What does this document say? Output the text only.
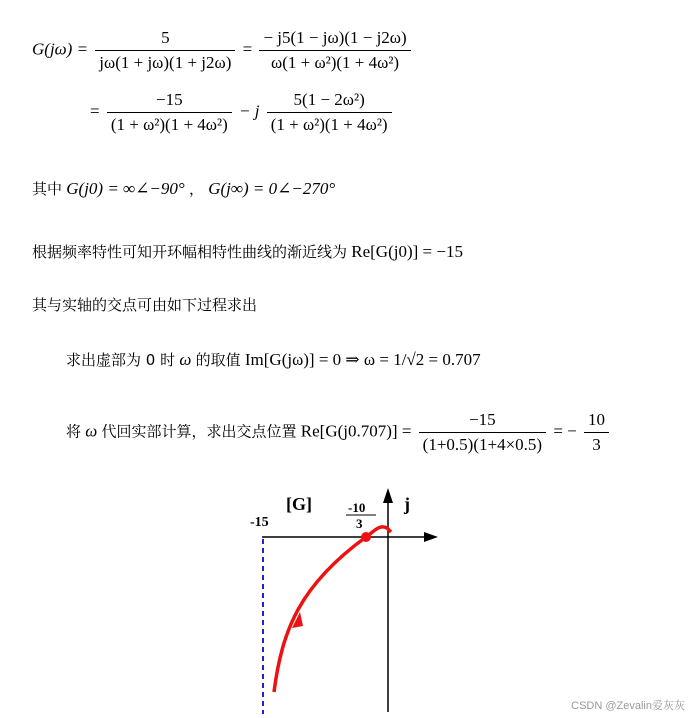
$G(j\omega) = \frac{5}{j\omega(1 + j\omega)(1 + j2\omega)} = \frac{- j5(1 - j\omega)(1 - j2\omega)}{\text{ω(1 + ω²)(1 + 4ω²)}}$
= $\frac{-15}{\text{(1 + ω²)(1 + 4ω²)}} - j \frac{\text{5(1 − 2ω²)}}{\text{(1 + ω²)(1 + 4ω²)}}$
其中 G(j0) = ∞∠−90° ， G(j∞) = 0∠−270°
根据频率特性可知开环幅相特性曲线的渐近线为 Re[G(j0)] = −15
其与实轴的交点可由如下过程求出
求出虚部为 0 时 ω 的取值 Im[G(jω)] = 0 ⇒ ω = 1/√2 = 0.707
将 ω 代回实部计算，求出交点位置 $Re[G(j0.707)] = \frac{-15}{(1+0.5)(1+4\times 0.5)}$ = − $\frac{10}{3}$
[G]	j
-15
-10
3
CSDN @Zevalin爱灰灰
